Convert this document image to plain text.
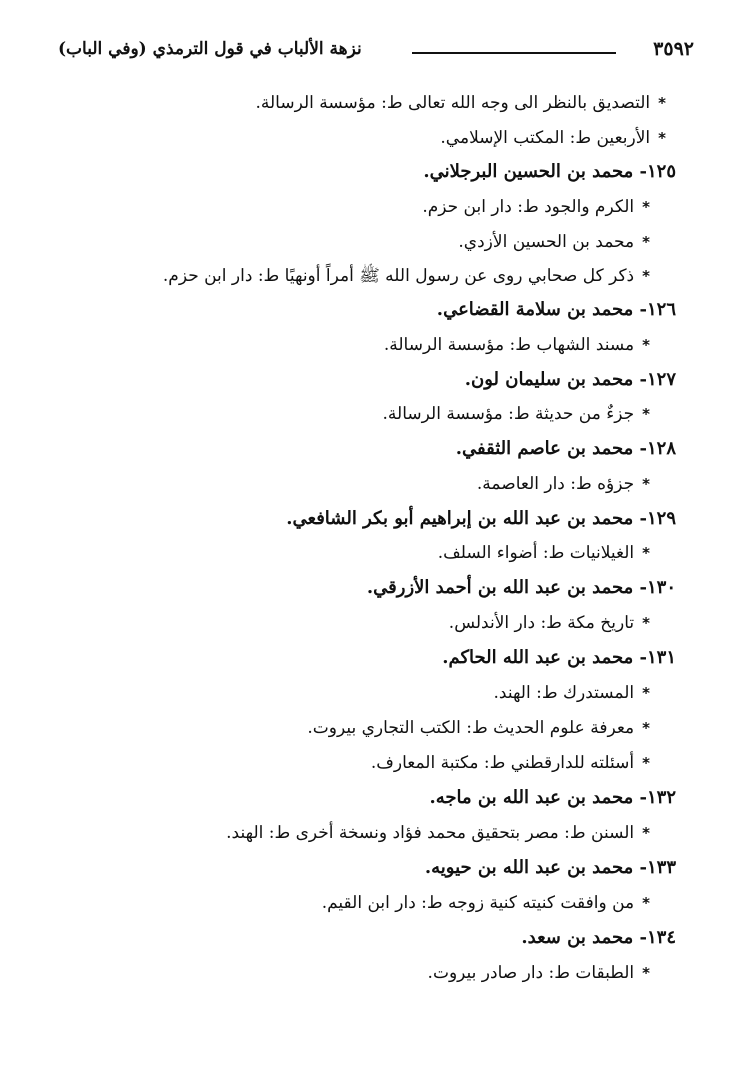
٣٥٩٢
نزهة الألباب في قول الترمذي (وفي الباب)
*التصديق بالنظر الى وجه الله تعالى ط: مؤسسة الرسالة.
*الأربعين ط: المكتب الإسلامي.
١٢٥- محمد بن الحسين البرجلاني.
*الكرم والجود ط: دار ابن حزم.
*محمد بن الحسين الأزدي.
*ذكر كل صحابي روى عن رسول الله ﷺ أمراً أونهيًا ط: دار ابن حزم.
١٢٦- محمد بن سلامة القضاعي.
*مسند الشهاب ط: مؤسسة الرسالة.
١٢٧- محمد بن سليمان لون.
*جزءٌ من حديثة ط: مؤسسة الرسالة.
١٢٨- محمد بن عاصم الثقفي.
*جزؤه ط: دار العاصمة.
١٢٩- محمد بن عبد الله بن إبراهيم أبو بكر الشافعي.
*الغيلانيات ط: أضواء السلف.
١٣٠- محمد بن عبد الله بن أحمد الأزرقي.
*تاريخ مكة ط: دار الأندلس.
١٣١- محمد بن عبد الله الحاكم.
*المستدرك ط: الهند.
*معرفة علوم الحديث ط: الكتب التجاري بيروت.
*أسئلته للدارقطني ط: مكتبة المعارف.
١٣٢- محمد بن عبد الله بن ماجه.
*السنن ط: مصر بتحقيق محمد فؤاد ونسخة أخرى ط: الهند.
١٣٣- محمد بن عبد الله بن حيويه.
*من وافقت كنيته كنية زوجه ط: دار ابن القيم.
١٣٤- محمد بن سعد.
*الطبقات ط: دار صادر بيروت.
